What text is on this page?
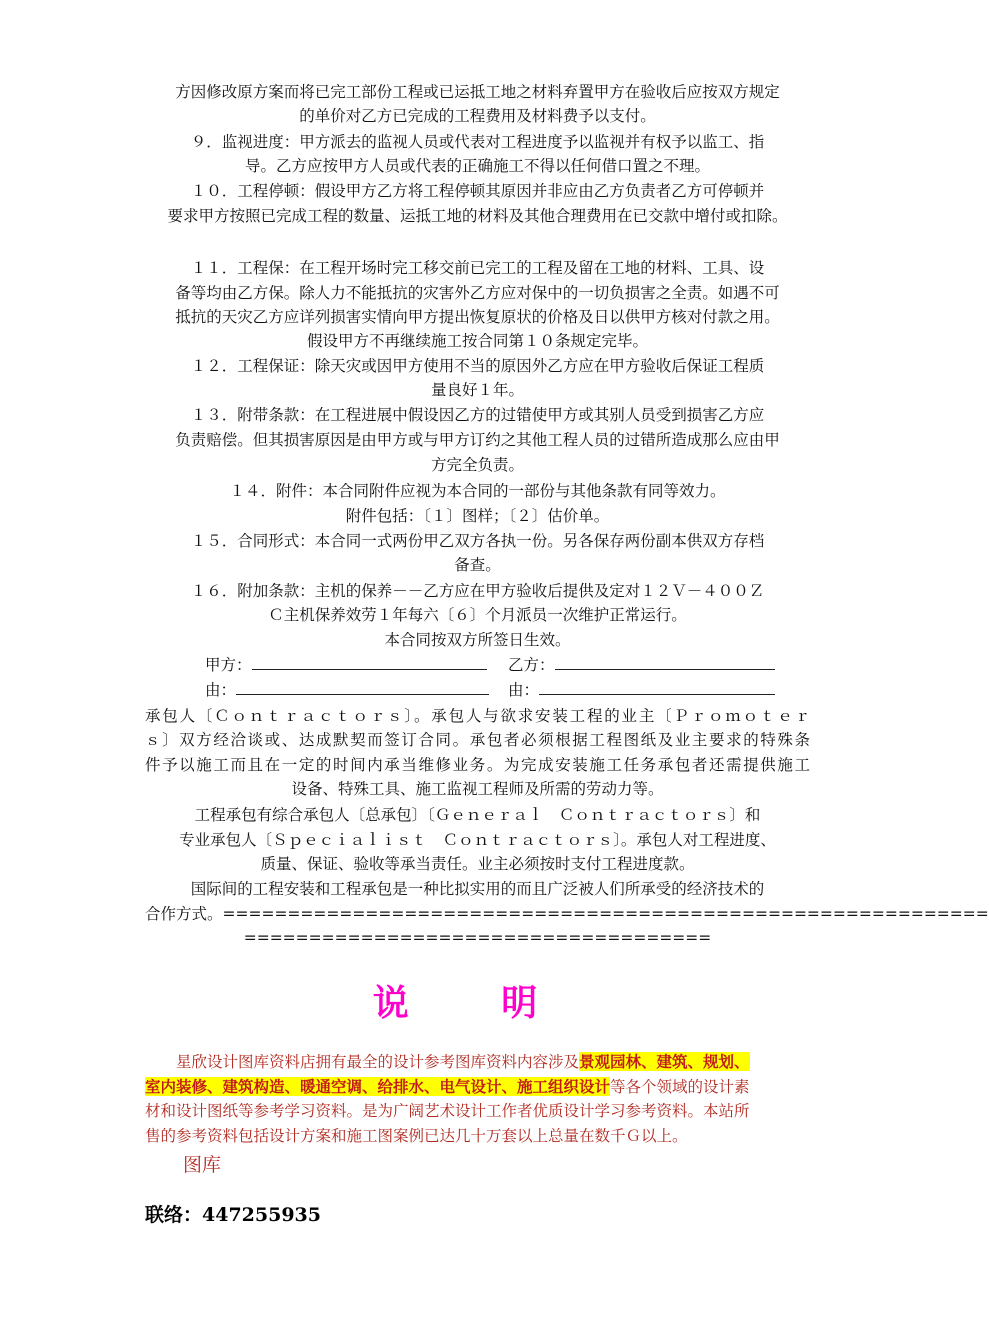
方因修改原方案而将已完工部份工程或已运抵工地之材料弃置甲方在验收后应按双方规定
的单价对乙方已完成的工程费用及材料费予以支付。
９．监视进度：甲方派去的监视人员或代表对工程进度予以监视并有权予以监工、指
导。乙方应按甲方人员或代表的正确施工不得以任何借口置之不理。
１０．工程停顿：假设甲方乙方将工程停顿其原因并非应由乙方负责者乙方可停顿并
要求甲方按照已完成工程的数量、运抵工地的材料及其他合理费用在已交款中增付或扣除。
１１．工程保：在工程开场时完工移交前已完工的工程及留在工地的材料、工具、设
备等均由乙方保。除人力不能抵抗的灾害外乙方应对保中的一切负损害之全责。如遇不可
抵抗的天灾乙方应详列损害实情向甲方提出恢复原状的价格及日以供甲方核对付款之用。
假设甲方不再继续施工按合同第１０条规定完毕。
１２．工程保证：除天灾或因甲方使用不当的原因外乙方应在甲方验收后保证工程质
量良好１年。
１３．附带条款：在工程进展中假设因乙方的过错使甲方或其别人员受到损害乙方应
负责赔偿。但其损害原因是由甲方或与甲方订约之其他工程人员的过错所造成那么应由甲
方完全负责。
１４．附件：本合同附件应视为本合同的一部份与其他条款有同等效力。
附件包括：〔１〕图样；〔２〕估价单。
１５．合同形式：本合同一式两份甲乙双方各执一份。另各保存两份副本供双方存档
备查。
１６．附加条款：主机的保养－－乙方应在甲方验收后提供及定对１２Ｖ－４００Ｚ
Ｃ主机保养效劳１年每六〔６〕个月派员一次维护正常运行。
本合同按双方所签日生效。
甲方：	乙方：
由：	由：
承包人〔Ｃｏｎｔｒａｃｔｏｒｓ〕。承包人与欲求安装工程的业主〔Ｐｒｏｍｏｔｅｒ
ｓ〕双方经洽谈或、达成默契而签订合同。承包者必须根据工程图纸及业主要求的特殊条
件予以施工而且在一定的时间内承当维修业务。为完成安装施工任务承包者还需提供施工
设备、特殊工具、施工监视工程师及所需的劳动力等。
工程承包有综合承包人〔总承包〕〔Ｇｅｎｅｒａｌ　Ｃｏｎｔｒａｃｔｏｒｓ〕和
专业承包人〔Ｓｐｅｃｉａｌｉｓｔ　Ｃｏｎｔｒａｃｔｏｒｓ〕。承包人对工程进度、
质量、保证、验收等承当责任。业主必须按时支付工程进度款。
国际间的工程安装和工程承包是一种比拟实用的而且广泛被人们所承受的经济技术的
合作方式。===========================================================
====================================
说 明
星欣设计图库资料店拥有最全的设计参考图库资料内容涉及景观园林、建筑、规划、
室内装修、建筑构造、暖通空调、给排水、电气设计、施工组织设计等各个领域的设计素
材和设计图纸等参考学习资料。是为广阔艺术设计工作者优质设计学习参考资料。本站所
售的参考资料包括设计方案和施工图案例已达几十万套以上总量在数千Ｇ以上。
图库
联络：447255935
